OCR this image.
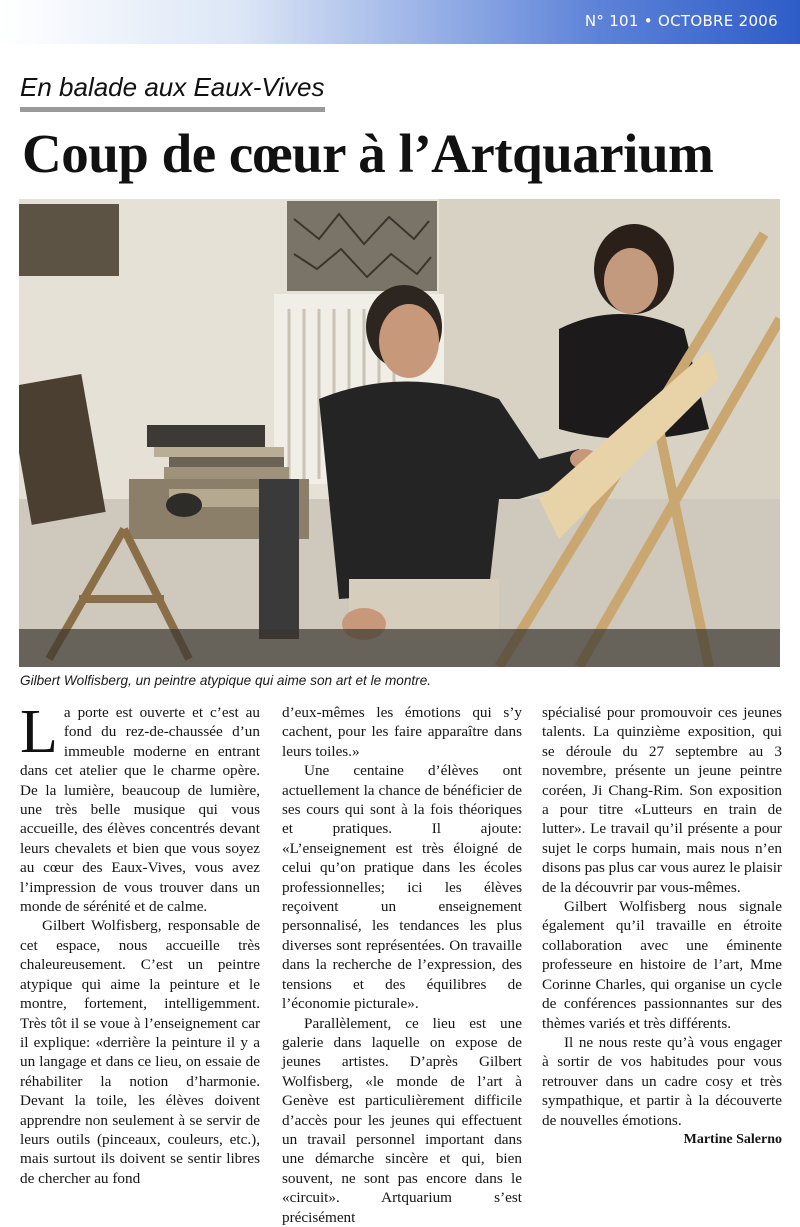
N° 101 • OCTOBRE 2006
En balade aux Eaux-Vives
Coup de cœur à l’Artquarium
Gilbert Wolfisberg, un peintre atypique qui aime son art et le montre.

La porte est ouverte et c’est au fond du rez-de-chaussée d’un immeuble moderne en entrant dans cet atelier que le charme opère. De la lumière, beaucoup de lumière, une très belle musique qui vous accueille, des élèves concentrés devant leurs chevalets et bien que vous soyez au cœur des Eaux-Vives, vous avez l’impression de vous trouver dans un monde de sérénité et de calme.

Gilbert Wolfisberg, responsable de cet espace, nous accueille très chaleureusement. C’est un peintre atypique qui aime la peinture et le montre, fortement, intelligemment. Très tôt il se voue à l’enseignement car il explique: «derrière la peinture il y a un langage et dans ce lieu, on essaie de réhabiliter la notion d’harmonie. Devant la toile, les élèves doivent apprendre non seulement à se servir de leurs outils (pinceaux, couleurs, etc.), mais surtout ils doivent se sentir libres de chercher au fond

d’eux-mêmes les émotions qui s’y cachent, pour les faire apparaître dans leurs toiles.»

Une centaine d’élèves ont actuellement la chance de bénéficier de ses cours qui sont à la fois théoriques et pratiques. Il ajoute: «L’enseignement est très éloigné de celui qu’on pratique dans les écoles professionnelles; ici les élèves reçoivent un enseignement personnalisé, les tendances les plus diverses sont représentées. On travaille dans la recherche de l’expression, des tensions et des équilibres de l’économie picturale».

Parallèlement, ce lieu est une galerie dans laquelle on expose de jeunes artistes. D’après Gilbert Wolfisberg, «le monde de l’art à Genève est particulièrement difficile d’accès pour les jeunes qui effectuent un travail personnel important dans une démarche sincère et qui, bien souvent, ne sont pas encore dans le «circuit». Artquarium s’est précisément

spécialisé pour promouvoir ces jeunes talents. La quinzième exposition, qui se déroule du 27 septembre au 3 novembre, présente un jeune peintre coréen, Ji Chang-Rim. Son exposition a pour titre «Lutteurs en train de lutter». Le travail qu’il présente a pour sujet le corps humain, mais nous n’en disons pas plus car vous aurez le plaisir de la découvrir par vous-mêmes.

Gilbert Wolfisberg nous signale également qu’il travaille en étroite collaboration avec une éminente professeure en histoire de l’art, Mme Corinne Charles, qui organise un cycle de conférences passionnantes sur des thèmes variés et très différents.

Il ne nous reste qu’à vous engager à sortir de vos habitudes pour vous retrouver dans un cadre cosy et très sympathique, et partir à la découverte de nouvelles émotions.

Martine Salerno
